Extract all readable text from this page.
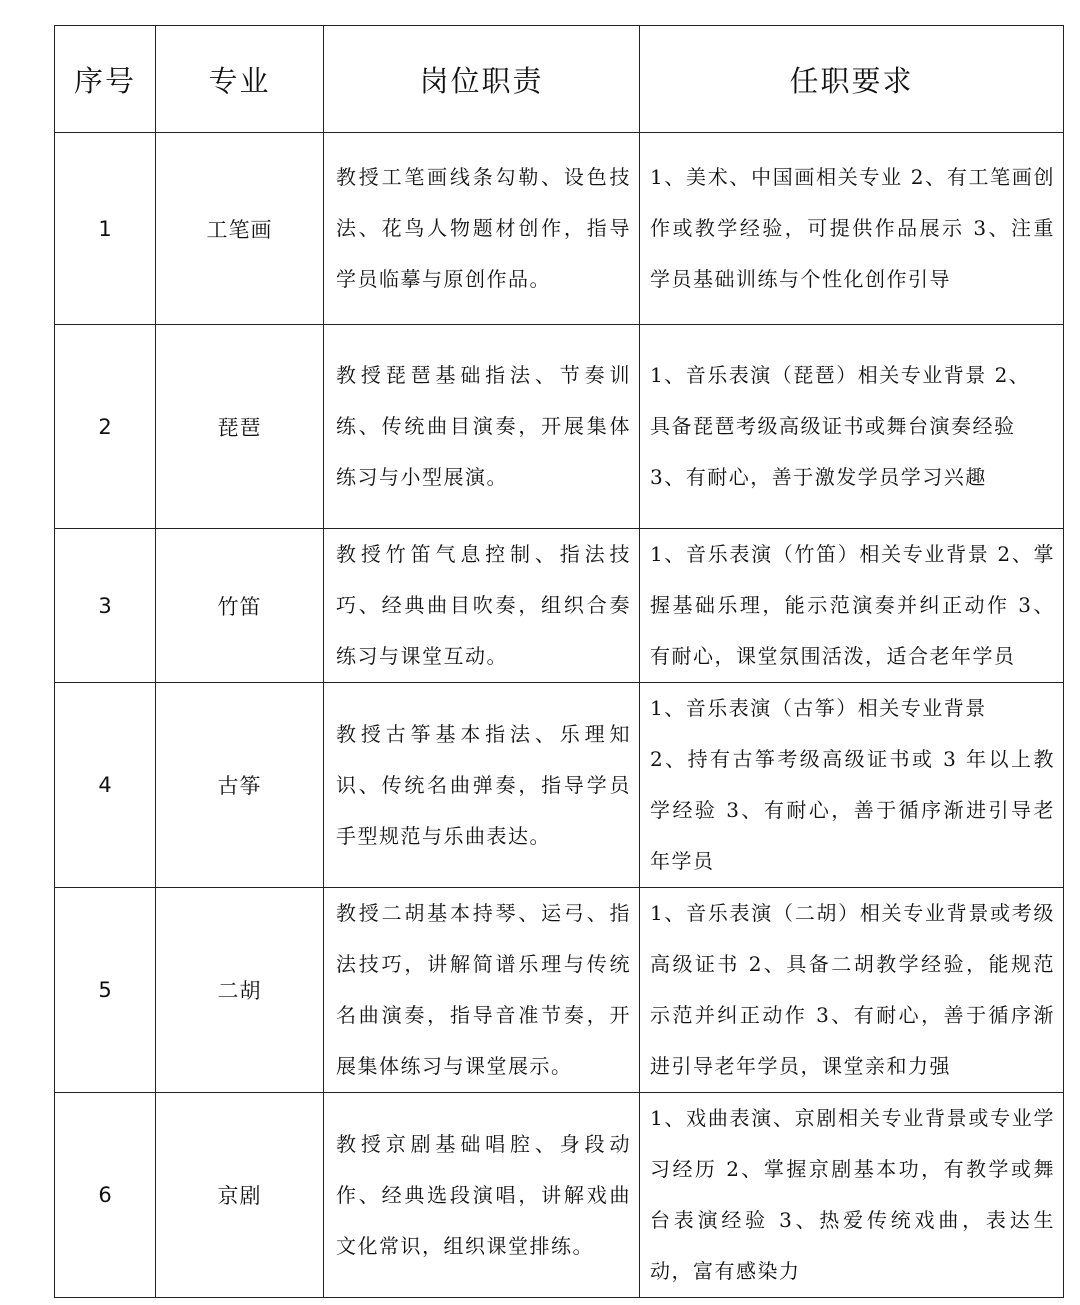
序号	专业	岗位职责	任职要求
1	工笔画	教授工笔画线条勾勒、设色技法、花鸟人物题材创作，指导学员临摹与原创作品。	1、美术、中国画相关专业 2、有工笔画创作或教学经验，可提供作品展示 3、注重学员基础训练与个性化创作引导

2	琵琶	教授琵琶基础指法、节奏训练、传统曲目演奏，开展集体练习与小型展演。	1、音乐表演（琵琶）相关专业背景 2、
具备琵琶考级高级证书或舞台演奏经验
3、有耐心，善于激发学员学习兴趣

3	竹笛	教授竹笛气息控制、指法技巧、经典曲目吹奏，组织合奏练习与课堂互动。	1、音乐表演（竹笛）相关专业背景 2、掌握基础乐理，能示范演奏并纠正动作 3、有耐心，课堂氛围活泼，适合老年学员

4	古筝	教授古筝基本指法、乐理知识、传统名曲弹奏，指导学员手型规范与乐曲表达。	1、音乐表演（古筝）相关专业背景
2、持有古筝考级高级证书或 3 年以上教学经验 3、有耐心，善于循序渐进引导老年学员

5	二胡	教授二胡基本持琴、运弓、指法技巧，讲解简谱乐理与传统名曲演奏，指导音准节奏，开展集体练习与课堂展示。	1、音乐表演（二胡）相关专业背景或考级高级证书 2、具备二胡教学经验，能规范示范并纠正动作 3、有耐心，善于循序渐进引导老年学员，课堂亲和力强

6	京剧	教授京剧基础唱腔、身段动作、经典选段演唱，讲解戏曲文化常识，组织课堂排练。	1、戏曲表演、京剧相关专业背景或专业学习经历 2、掌握京剧基本功，有教学或舞台表演经验 3、热爱传统戏曲，表达生动，富有感染力
